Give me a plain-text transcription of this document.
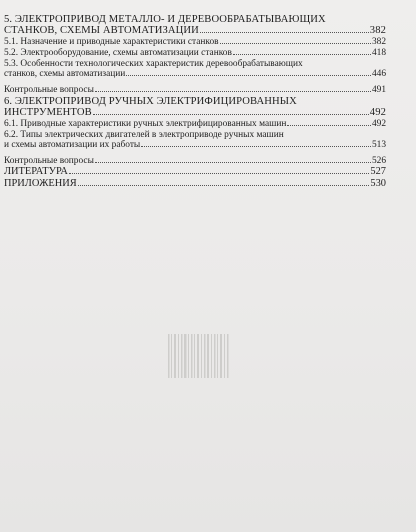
5. ЭЛЕКТРОПРИВОД МЕТАЛЛО- И ДЕРЕВООБРАБАТЫВАЮЩИХ
СТАНКОВ, СХЕМЫ АВТОМАТИЗАЦИИ	382
5.1. Назначение и приводные характеристики станков	382
5.2. Электрооборудование, схемы автоматизации станков	418
5.3. Особенности технологических характеристик деревообрабатывающих
станков, схемы автоматизации	446
Контрольные вопросы	491
6. ЭЛЕКТРОПРИВОД РУЧНЫХ ЭЛЕКТРИФИЦИРОВАННЫХ
ИНСТРУМЕНТОВ	492
6.1. Приводные характеристики ручных электрифицированных машин	492
6.2. Типы электрических двигателей в электроприводе ручных машин
и схемы автоматизации их работы	513
Контрольные вопросы	526
ЛИТЕРАТУРА	527
ПРИЛОЖЕНИЯ	530
